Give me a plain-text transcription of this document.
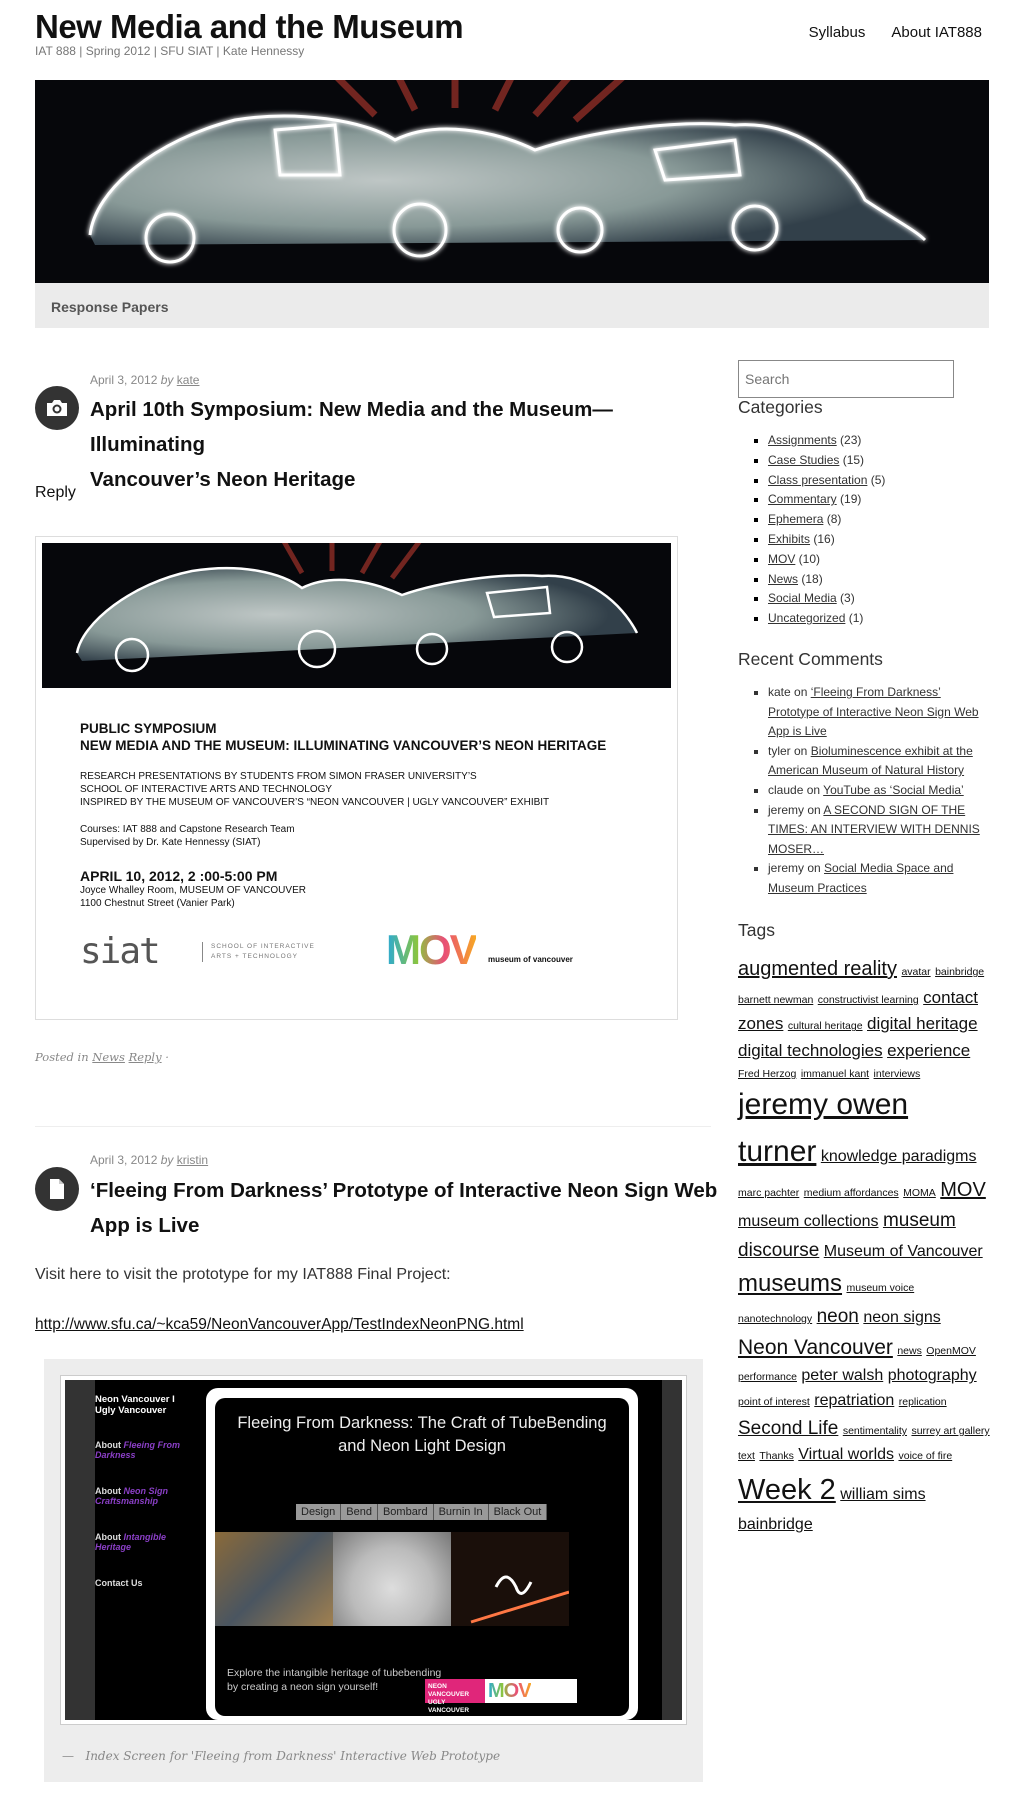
New Media and the Museum
IAT 888 | Spring 2012 | SFU SIAT | Kate Hennessy
Syllabus About IAT888
Response Papers
April 3, 2012 by kate
April 10th Symposium: New Media and the Museum—Illuminating
Vancouver’s Neon Heritage
Reply
PUBLIC SYMPOSIUM
NEW MEDIA AND THE MUSEUM: ILLUMINATING VANCOUVER’S NEON HERITAGE
RESEARCH PRESENTATIONS BY STUDENTS FROM SIMON FRASER UNIVERSITY’S
SCHOOL OF INTERACTIVE ARTS AND TECHNOLOGY
INSPIRED BY THE MUSEUM OF VANCOUVER’S “NEON VANCOUVER | UGLY VANCOUVER” EXHIBIT
Courses: IAT 888 and Capstone Research Team
Supervised by Dr. Kate Hennessy (SIAT)
APRIL 10, 2012, 2 :00-5:00 PM
Joyce Whalley Room, MUSEUM OF VANCOUVER
1100 Chestnut Street (Vanier Park)
siat	SCHOOL OF INTERACTIVE
ARTS + TECHNOLOGY	MOV museum of vancouver
Posted in News Reply ·
April 3, 2012 by kristin
‘Fleeing From Darkness’ Prototype of Interactive Neon Sign Web
App is Live
Visit here to visit the prototype for my IAT888 Final Project:
http://www.sfu.ca/~kca59/NeonVancouverApp/TestIndexNeonPNG.html
Neon Vancouver I Ugly Vancouver
About Fleeing From Darkness
About Neon Sign Craftsmanship
About Intangible Heritage
Contact Us
Fleeing From Darkness: The Craft of TubeBending
and Neon Light Design
Design	Bend	Bombard	Burnin In	Black Out
Explore the intangible heritage of tubebending
by creating a neon sign yourself!	NEON VANCOUVER
UGLY VANCOUVER
MOV
— Index Screen for 'Fleeing from Darkness' Interactive Web Prototype
Search
Categories
▪ Assignments (23)
▪ Case Studies (15)
▪ Class presentation (5)
▪ Commentary (19)
▪ Ephemera (8)
▪ Exhibits (16)
▪ MOV (10)
▪ News (18)
▪ Social Media (3)
▪ Uncategorized (1)
Recent Comments
▪ kate on ‘Fleeing From Darkness’ Prototype of Interactive Neon Sign Web App is Live
▪ tyler on Bioluminescence exhibit at the American Museum of Natural History
▪ claude on YouTube as ‘Social Media’
▪ jeremy on A SECOND SIGN OF THE TIMES: AN INTERVIEW WITH DENNIS MOSER…
▪ jeremy on Social Media Space and Museum Practices
Tags
augmented reality avatar bainbridge barnett newman constructivist learning contact zones cultural heritage digital heritage digital technologies experience Fred Herzog immanuel kant interviews jeremy owen turner knowledge paradigms marc pachter medium affordances MOMA MOV museum collections museum discourse Museum of Vancouver museums museum voice nanotechnology neon neon signs Neon Vancouver news OpenMOV performance peter walsh photography point of interest repatriation replication Second Life sentimentality surrey art gallery text Thanks Virtual worlds voice of fire Week 2 william sims bainbridge
